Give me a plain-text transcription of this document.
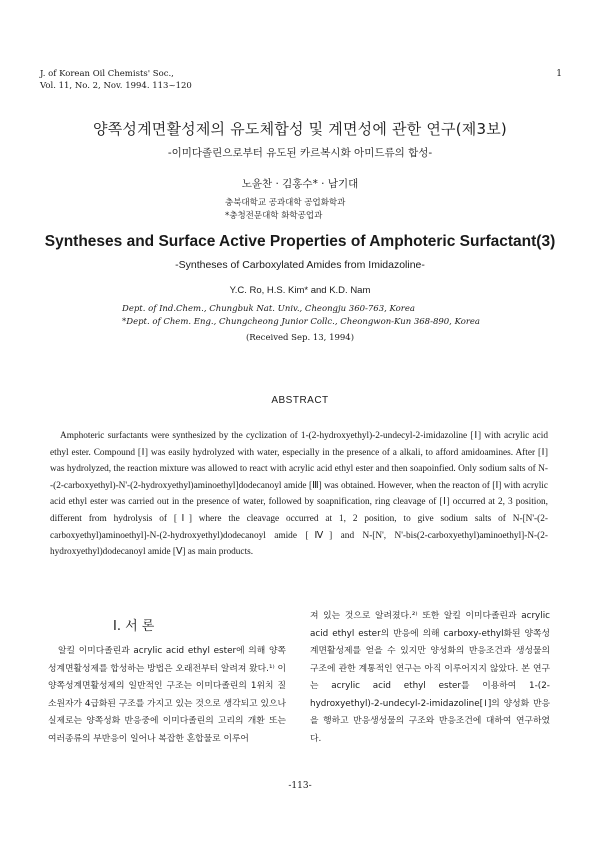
J. of Korean Oil Chemists' Soc.,
Vol. 11, No. 2, Nov. 1994. 113~120
1
양쪽성계면활성제의 유도체합성 및 계면성에 관한 연구(제3보)
-이미다졸린으로부터 유도된 카르복시화 아미드류의 합성-
노윤찬 · 김홍수* · 남기대
충북대학교 공과대학 공업화학과
*충청전문대학 화학공업과
Syntheses and Surface Active Properties of Amphoteric Surfactant(3)
-Syntheses of Carboxylated Amides from Imidazoline-
Y.C. Ro, H.S. Kim* and K.D. Nam
Dept. of Ind.Chem., Chungbuk Nat. Univ., Cheongju 360-763, Korea
*Dept. of Chem. Eng., Chungcheong Junior Collc., Cheongwon-Kun 368-890, Korea
(Received Sep. 13, 1994)
ABSTRACT

Amphoteric surfactants were synthesized by the cyclization of 1-(2-hydroxyethyl)-2-undecyl-2-imidazoline [Ⅰ] with acrylic acid ethyl ester. Compound [Ⅰ] was easily hydrolyzed with water, especially in the presence of a alkali, to afford amidoamines. After [Ⅰ] was hydrolyzed, the reaction mixture was allowed to react with acrylic acid ethyl ester and then soapoinfied. Only sodium salts of N--(2-carboxyethyl)-N'-(2-hydroxyethyl)aminoethyl]dodecanoyl amide [Ⅲ] was obtained. However, when the reacton of [Ⅰ] with acrylic acid ethyl ester was carried out in the presence of water, followed by soapnification, ring cleavage of [Ⅰ] occurred at 2, 3 position, different from hydrolysis of [Ⅰ] where the cleavage occurred at 1, 2 position, to give sodium salts of N-[N'-(2-carboxyethyl)aminoethyl]-N-(2-hydroxyethyl)dodecanoyl amide [Ⅳ] and N-[N', N'-bis(2-carboxyethyl)aminoethyl]-N-(2-hydroxyethyl)dodecanoyl amide [Ⅴ] as main products.

Ⅰ. 서 론

알킬 이미다졸린과 acrylic acid ethyl ester에 의해 양쪽성계면활성제를 합성하는 방법은 오래전부터 알려져 왔다.¹⁾ 이 양쪽성계면활성제의 일반적인 구조는 이미다졸린의 1위치 질소원자가 4급화된 구조를 가지고 있는 것으로 생각되고 있으나 실제로는 양쪽성화 반응중에 이미다졸린의 고리의 개환 또는 여러종류의 부반응이 일어나 복잡한 혼합물로 이루어

져 있는 것으로 알려졌다.²⁾ 또한 알킬 이미다졸린과 acrylic acid ethyl ester의 반응에 의해 carboxy-ethyl화된 양쪽성계면활성제를 얻을 수 있지만 양성화의 반응조건과 생성물의 구조에 관한 계통적인 연구는 아직 이루어지지 않았다. 본 연구는 acrylic acid ethyl ester를 이용하여 1-(2-hydroxyethyl)-2-undecyl-2-imidazoline[Ⅰ]의 양성화 반응을 행하고 반응생성물의 구조와 반응조건에 대하여 연구하였다.

-113-
